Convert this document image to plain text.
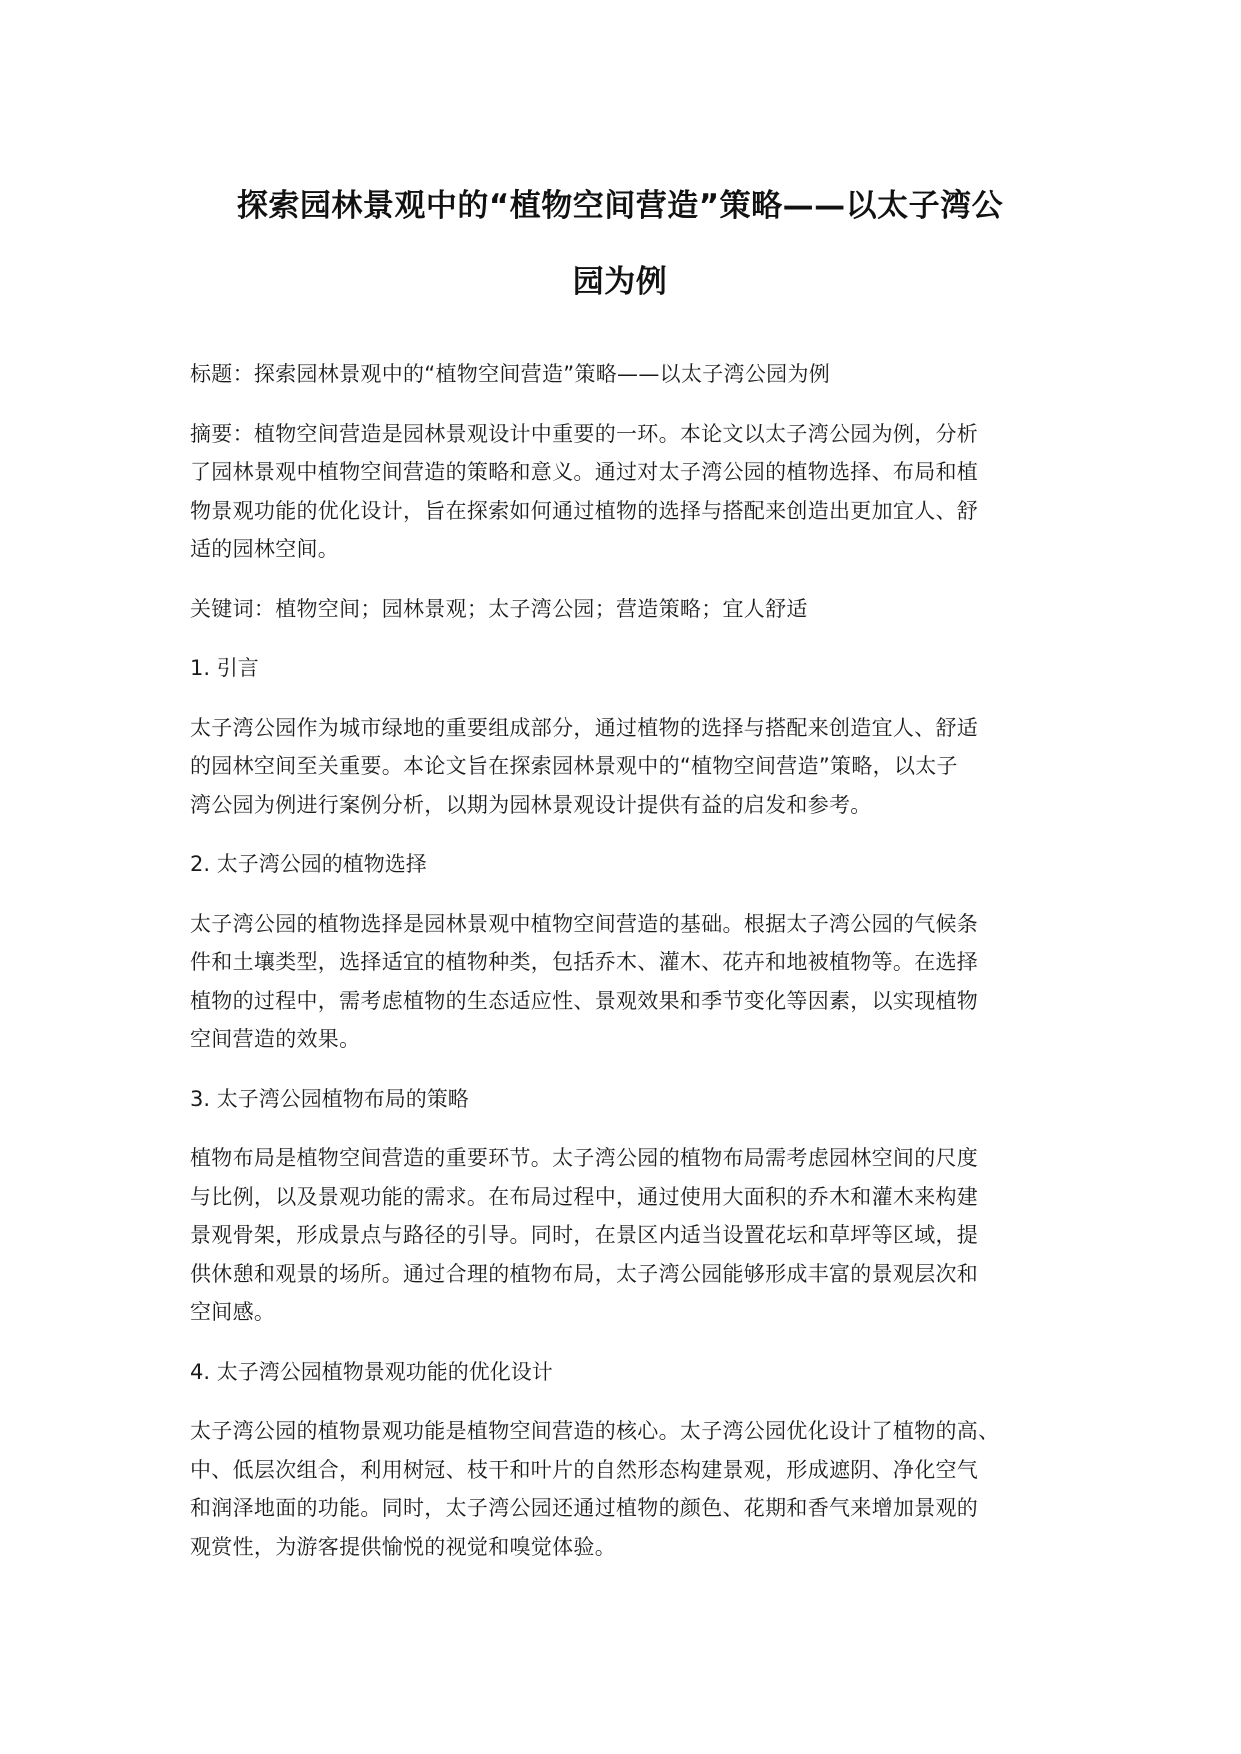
探索园林景观中的“植物空间营造”策略——以太子湾公
园为例
标题：探索园林景观中的“植物空间营造”策略——以太子湾公园为例
摘要：植物空间营造是园林景观设计中重要的一环。本论文以太子湾公园为例，分析
了园林景观中植物空间营造的策略和意义。通过对太子湾公园的植物选择、布局和植
物景观功能的优化设计，旨在探索如何通过植物的选择与搭配来创造出更加宜人、舒
适的园林空间。
关键词：植物空间；园林景观；太子湾公园；营造策略；宜人舒适
1. 引言
太子湾公园作为城市绿地的重要组成部分，通过植物的选择与搭配来创造宜人、舒适
的园林空间至关重要。本论文旨在探索园林景观中的“植物空间营造”策略，以太子
湾公园为例进行案例分析，以期为园林景观设计提供有益的启发和参考。
2. 太子湾公园的植物选择
太子湾公园的植物选择是园林景观中植物空间营造的基础。根据太子湾公园的气候条
件和土壤类型，选择适宜的植物种类，包括乔木、灌木、花卉和地被植物等。在选择
植物的过程中，需考虑植物的生态适应性、景观效果和季节变化等因素，以实现植物
空间营造的效果。
3. 太子湾公园植物布局的策略
植物布局是植物空间营造的重要环节。太子湾公园的植物布局需考虑园林空间的尺度
与比例，以及景观功能的需求。在布局过程中，通过使用大面积的乔木和灌木来构建
景观骨架，形成景点与路径的引导。同时，在景区内适当设置花坛和草坪等区域，提
供休憩和观景的场所。通过合理的植物布局，太子湾公园能够形成丰富的景观层次和
空间感。
4. 太子湾公园植物景观功能的优化设计
太子湾公园的植物景观功能是植物空间营造的核心。太子湾公园优化设计了植物的高、
中、低层次组合，利用树冠、枝干和叶片的自然形态构建景观，形成遮阴、净化空气
和润泽地面的功能。同时，太子湾公园还通过植物的颜色、花期和香气来增加景观的
观赏性，为游客提供愉悦的视觉和嗅觉体验。
